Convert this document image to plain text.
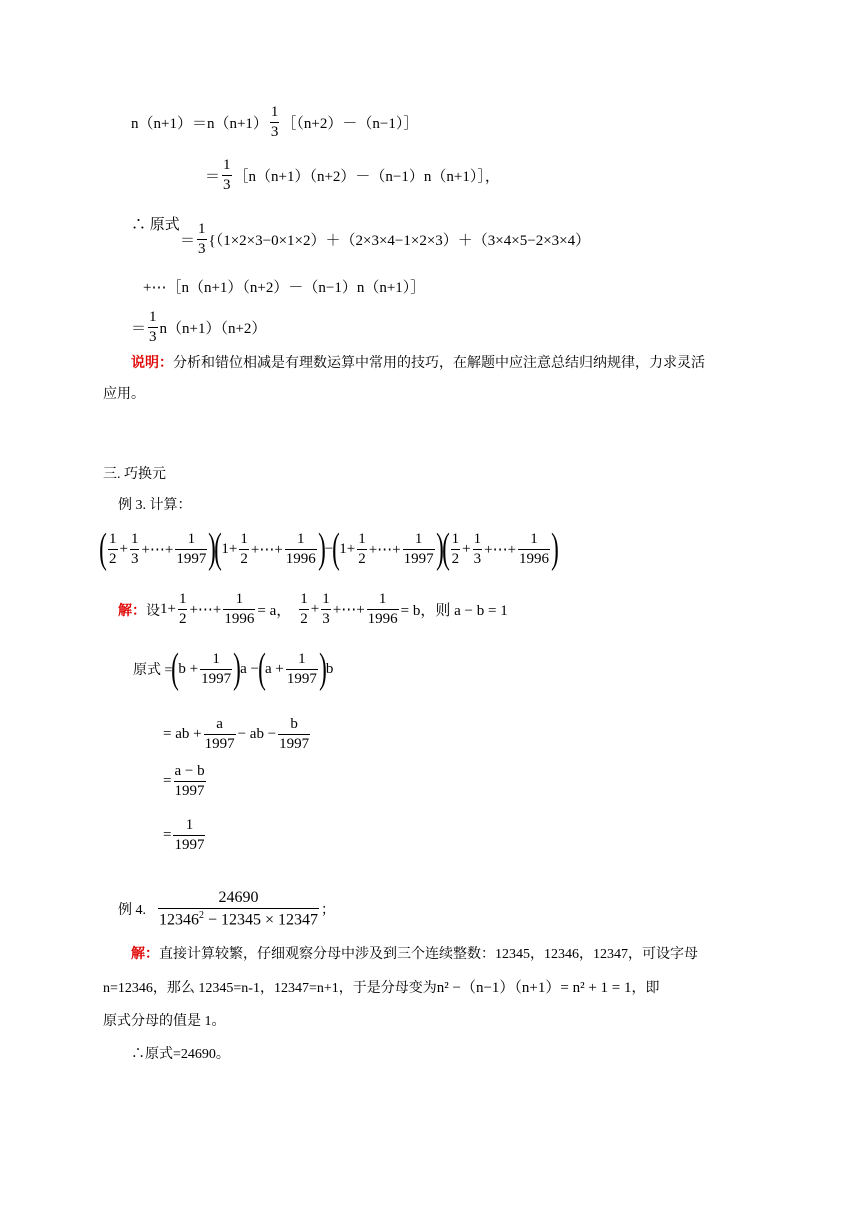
$n(n+1)=n(n+1) \frac{1}{3}$ ［（n+2）－（n−1）］
＝ $\frac{1}{3}$ ［n（n+1）（n+2）－（n−1）n（n+1）］，
∴ 原式
＝ $\frac{1}{3} \{(1\times 2\times 3-0\times 1\times 2)+(2\times 3\times 4-1\times 2\times 3)+(3\times 4\times 5-2\times 3\times 4)$
+⋯［n（n+1）（n+2）－（n−1）n（n+1）］
＝ $\frac{1}{3} n(n+1)(n+2)$
说明： 分析和错位相减是有理数运算中常用的技巧，在解题中应注意总结归纳规律，力求灵活
应用。
三. 巧换元
例 3. 计算：
( $\frac{1}{2} + \frac{1}{3}$ +⋯+ $\frac{1}{1997}$ )
( $1 + \frac{1}{2}$ +⋯+ $\frac{1}{1996}$ ) − ( $1 + \frac{1}{2}$ +⋯+ $\frac{1}{1997}$ )
( $\frac{1}{2} + \frac{1}{3}$ +⋯+ $\frac{1}{1996}$ )
解： 设 $1 + \frac{1}{2}$ +⋯+ $\frac{1}{1996} = a$， $\frac{1}{2} + \frac{1}{3}$ +⋯+ $\frac{1}{1996} = b$，则 a − b = 1
原式 = ( $b + \frac{1}{1997}$ ) a − ( $a + \frac{1}{1997}$ ) b
= ab + $\frac{a}{1997}$ − ab − $\frac{b}{1997}$
= $\frac{a - b}{1997}$
= $\frac{1}{1997}$
例 4. $\frac{24690}{12346^2 - 12345 \times 12347}$ ；
解： 直接计算较繁，仔细观察分母中涉及到三个连续整数：12345，12346，12347，可设字母
n=12346，那么 12345=n-1，12347=n+1，于是分母变为 n² −（n−1）（n+1）= n² + 1 = 1 ，即
原式分母的值是 1。
∴原式=24690。
